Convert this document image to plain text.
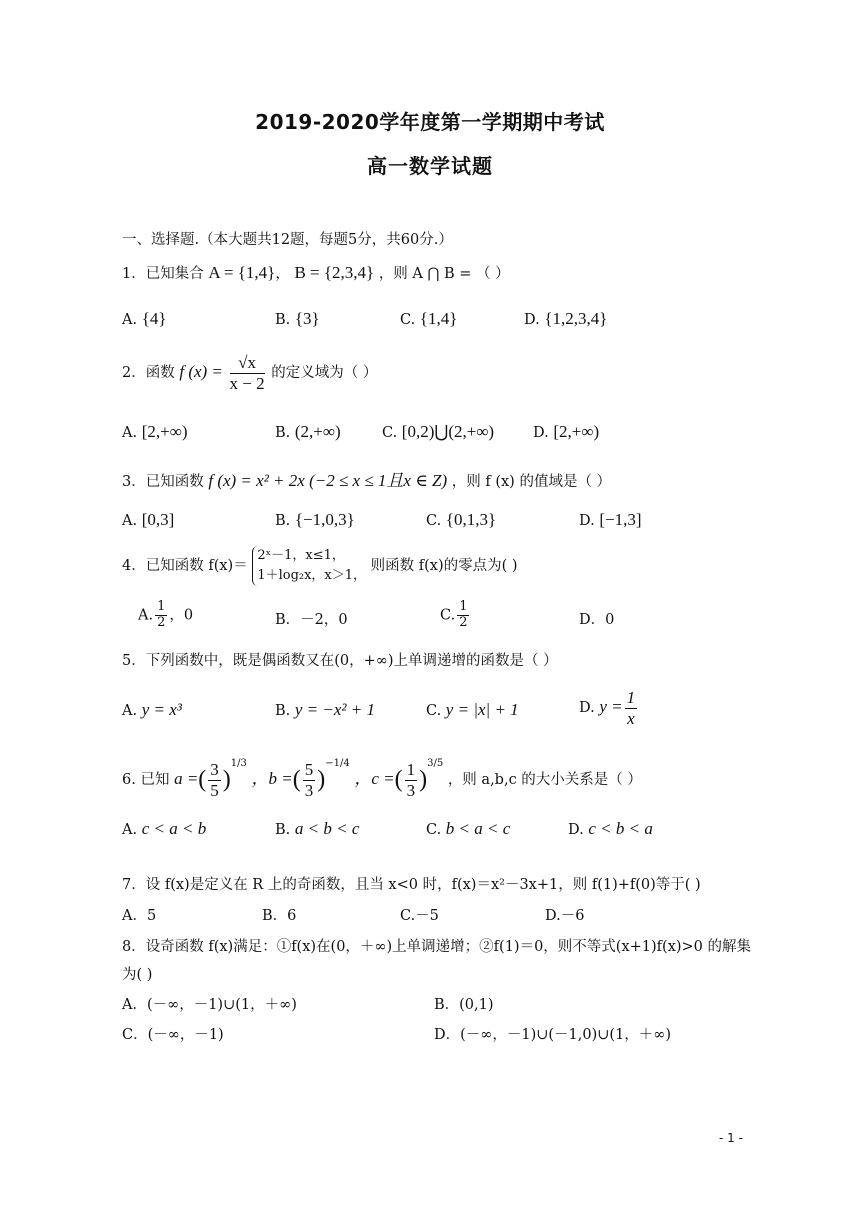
2019-2020学年度第一学期期中考试
高一数学试题
一、选择题.（本大题共12题，每题5分，共60分.）
1．已知集合 A = {1,4}， B = {2,3,4} ，则 A ⋂ B = （ ）
A. {4}	B. {3}	C. {1,4}	D. {1,2,3,4}
2．函数 f $(x) = \frac{√x}{x - 2}$ 的定义域为（ ）
A. [2,+∞)	B. (2,+∞)	C. [0,2)⋃(2,+∞)	D. [2,+∞)
3．已知函数 f (x) = x² + 2x (−2 ≤ x ≤ 1且x ∈ Z) ，则 f (x) 的值域是（ ）
A. [0,3]	B. {−1,0,3}	C. {0,1,3}	D. [−1,3]
4．已知函数 f(x)＝
2ˣ－1，x≤1，
1＋log₂x，x＞1，
则函数 f(x)的零点为( )
A. $\frac{1}{2}$ ，0	B．－2，0	C. $\frac{1}{2}$	D．0
5．下列函数中，既是偶函数又在(0，+∞)上单调递增的函数是（ ）
A. y = x³	B. y = −x² + 1	C. y = |x| + 1	D. $y = \frac{1}{x}$
6. 已知 a =( $\frac{3}{5} )^{1/3}$ ，b =( $\frac{5}{3} )^{-1/4}$ ，c =( $\frac{1}{3} )^{3/5}$ ，则 a,b,c 的大小关系是（ ）
A. c < a < b	B. a < b < c	C. b < a < c	D. c < b < a
7．设 f(x)是定义在 R 上的奇函数，且当 x<0 时，f(x)＝x²－3x+1，则 f(1)+f(0)等于( )
A．5	B．6	C.－5	D.－6
8．设奇函数 f(x)满足：①f(x)在(0，＋∞)上单调递增；②f(1)＝0，则不等式(x+1)f(x)>0 的解集
为( )
A．(－∞，－1)∪(1，＋∞)	B．(0,1)
C．(－∞，－1)	D．(－∞，－1)∪(－1,0)∪(1，＋∞)
- 1 -
